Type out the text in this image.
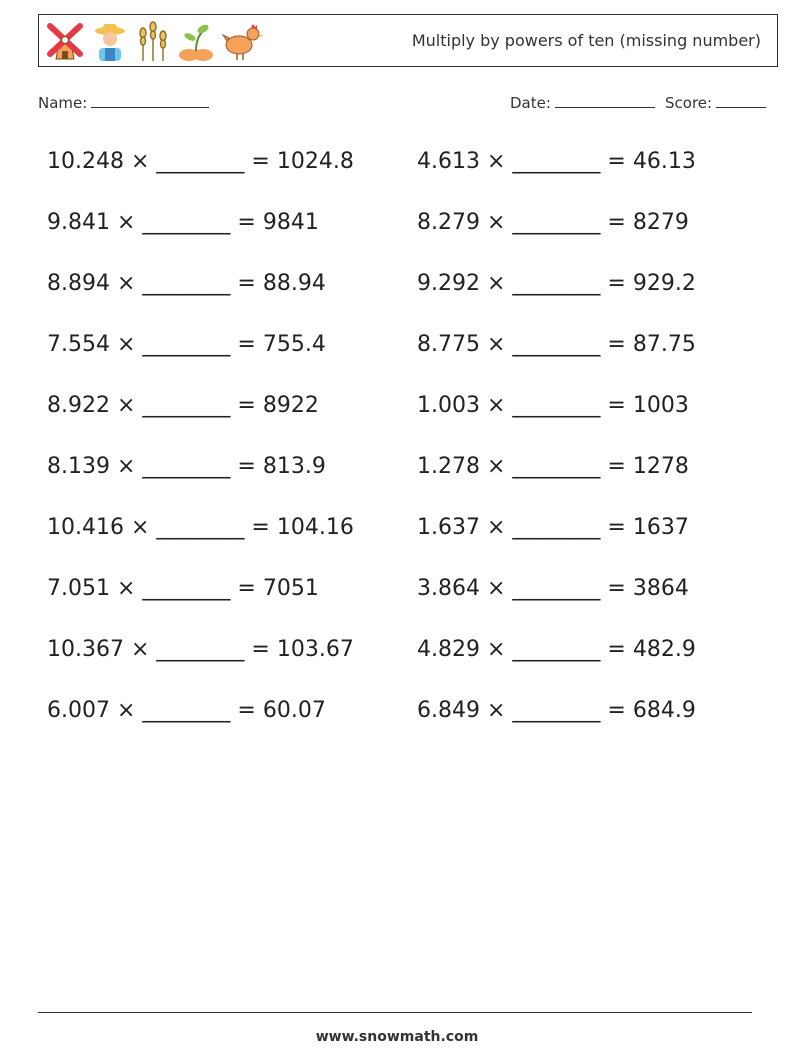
Multiply by powers of ten (missing number)
Name:	Date:	Score:
10.248 × ________ = 1024.8	4.613 × ________ = 46.13
9.841 × ________ = 9841	8.279 × ________ = 8279
8.894 × ________ = 88.94	9.292 × ________ = 929.2
7.554 × ________ = 755.4	8.775 × ________ = 87.75
8.922 × ________ = 8922	1.003 × ________ = 1003
8.139 × ________ = 813.9	1.278 × ________ = 1278
10.416 × ________ = 104.16	1.637 × ________ = 1637
7.051 × ________ = 7051	3.864 × ________ = 3864
10.367 × ________ = 103.67	4.829 × ________ = 482.9
6.007 × ________ = 60.07	6.849 × ________ = 684.9
www.snowmath.com
